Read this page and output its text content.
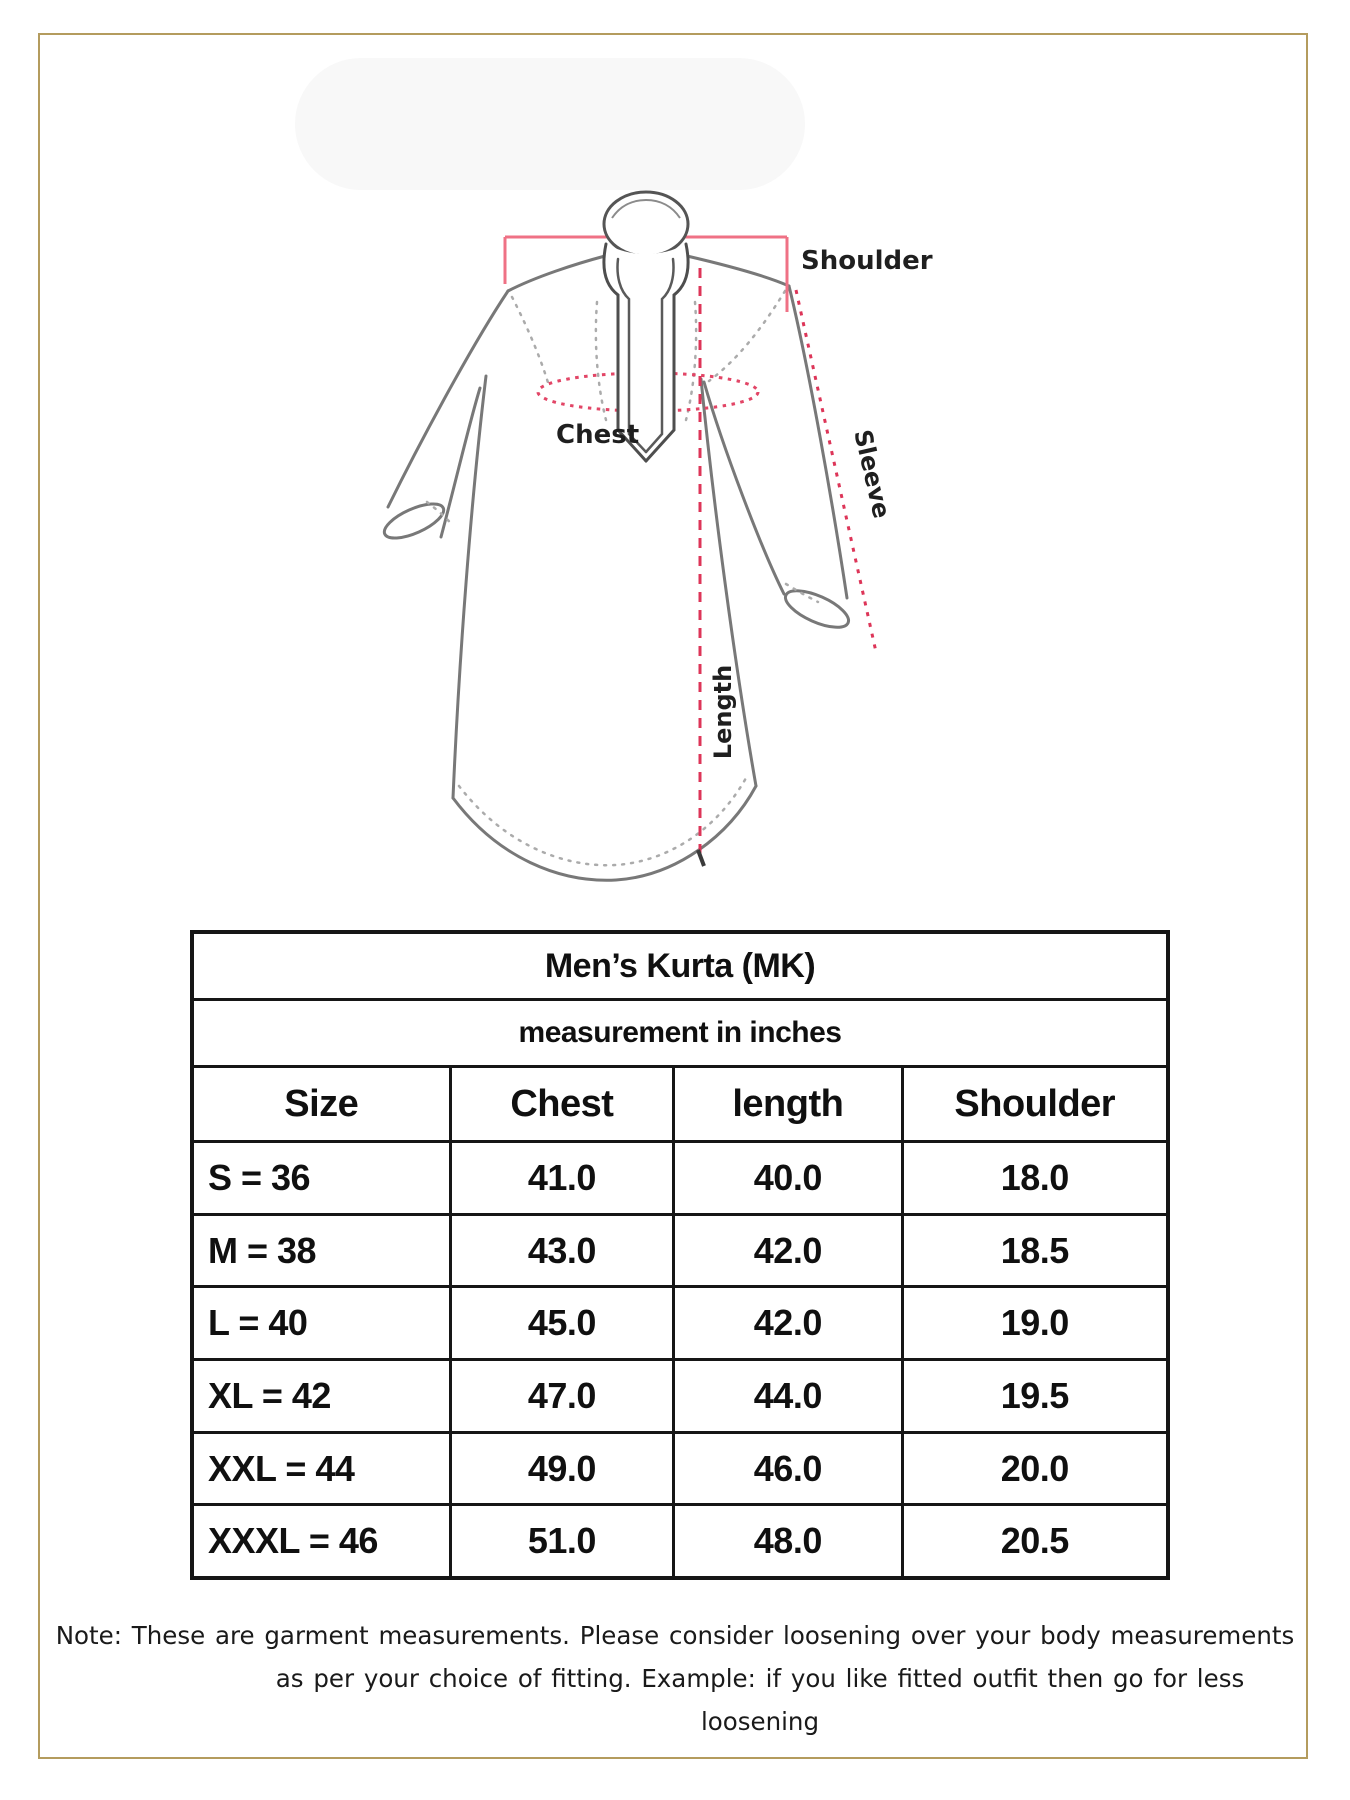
Shoulder
Chest	Sleeve
Length
Men’s Kurta (MK)
measurement in inches
Size	Chest	length	Shoulder
S = 36	41.0	40.0	18.0
M = 38	43.0	42.0	18.5
L = 40	45.0	42.0	19.0
XL = 42	47.0	44.0	19.5
XXL = 44	49.0	46.0	20.0
XXXL = 46	51.0	48.0	20.5
Note: These are garment measurements. Please consider loosening over your body measurements
as per your choice of fitting. Example: if you like fitted outfit then go for less loosening
